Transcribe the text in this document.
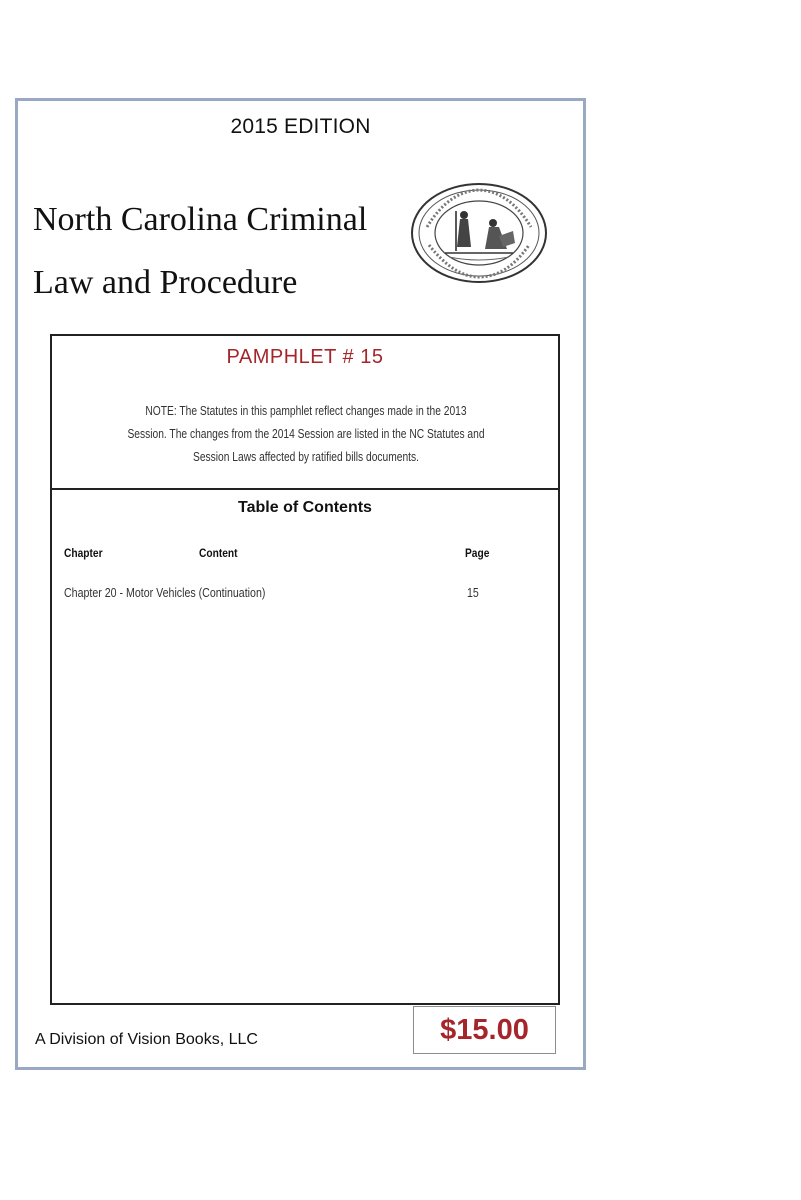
2015 EDITION
North Carolina Criminal
Law and Procedure
PAMPHLET # 15
NOTE: The Statutes in this pamphlet reflect changes made in the 2013
Session. The changes from the 2014 Session are listed in the NC Statutes and
Session Laws affected by ratified bills documents.
Table of Contents
Chapter	Content	Page
Chapter 20 - Motor Vehicles (Continuation)	15
A Division of Vision Books, LLC	$15.00
